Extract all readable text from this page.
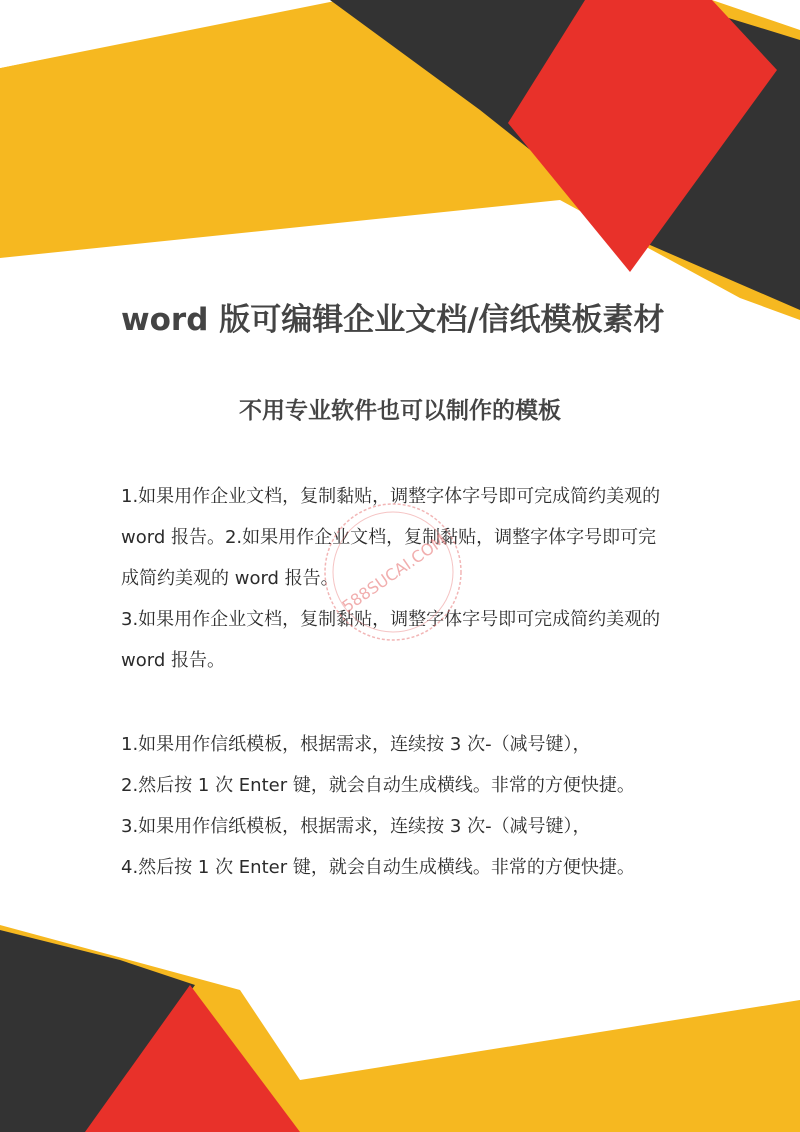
word 版可编辑企业文档/信纸模板素材
不用专业软件也可以制作的模板

1.如果用作企业文档，复制黏贴，调整字体字号即可完成简约美观的

word 报告。2.如果用作企业文档，复制黏贴，调整字体字号即可完

成简约美观的 word 报告。

3.如果用作企业文档，复制黏贴，调整字体字号即可完成简约美观的

word 报告。

1.如果用作信纸模板，根据需求，连续按 3 次-（减号键），

2.然后按 1 次 Enter 键，就会自动生成横线。非常的方便快捷。

3.如果用作信纸模板，根据需求，连续按 3 次-（减号键），

4.然后按 1 次 Enter 键，就会自动生成横线。非常的方便快捷。

588SUCAI.COM
